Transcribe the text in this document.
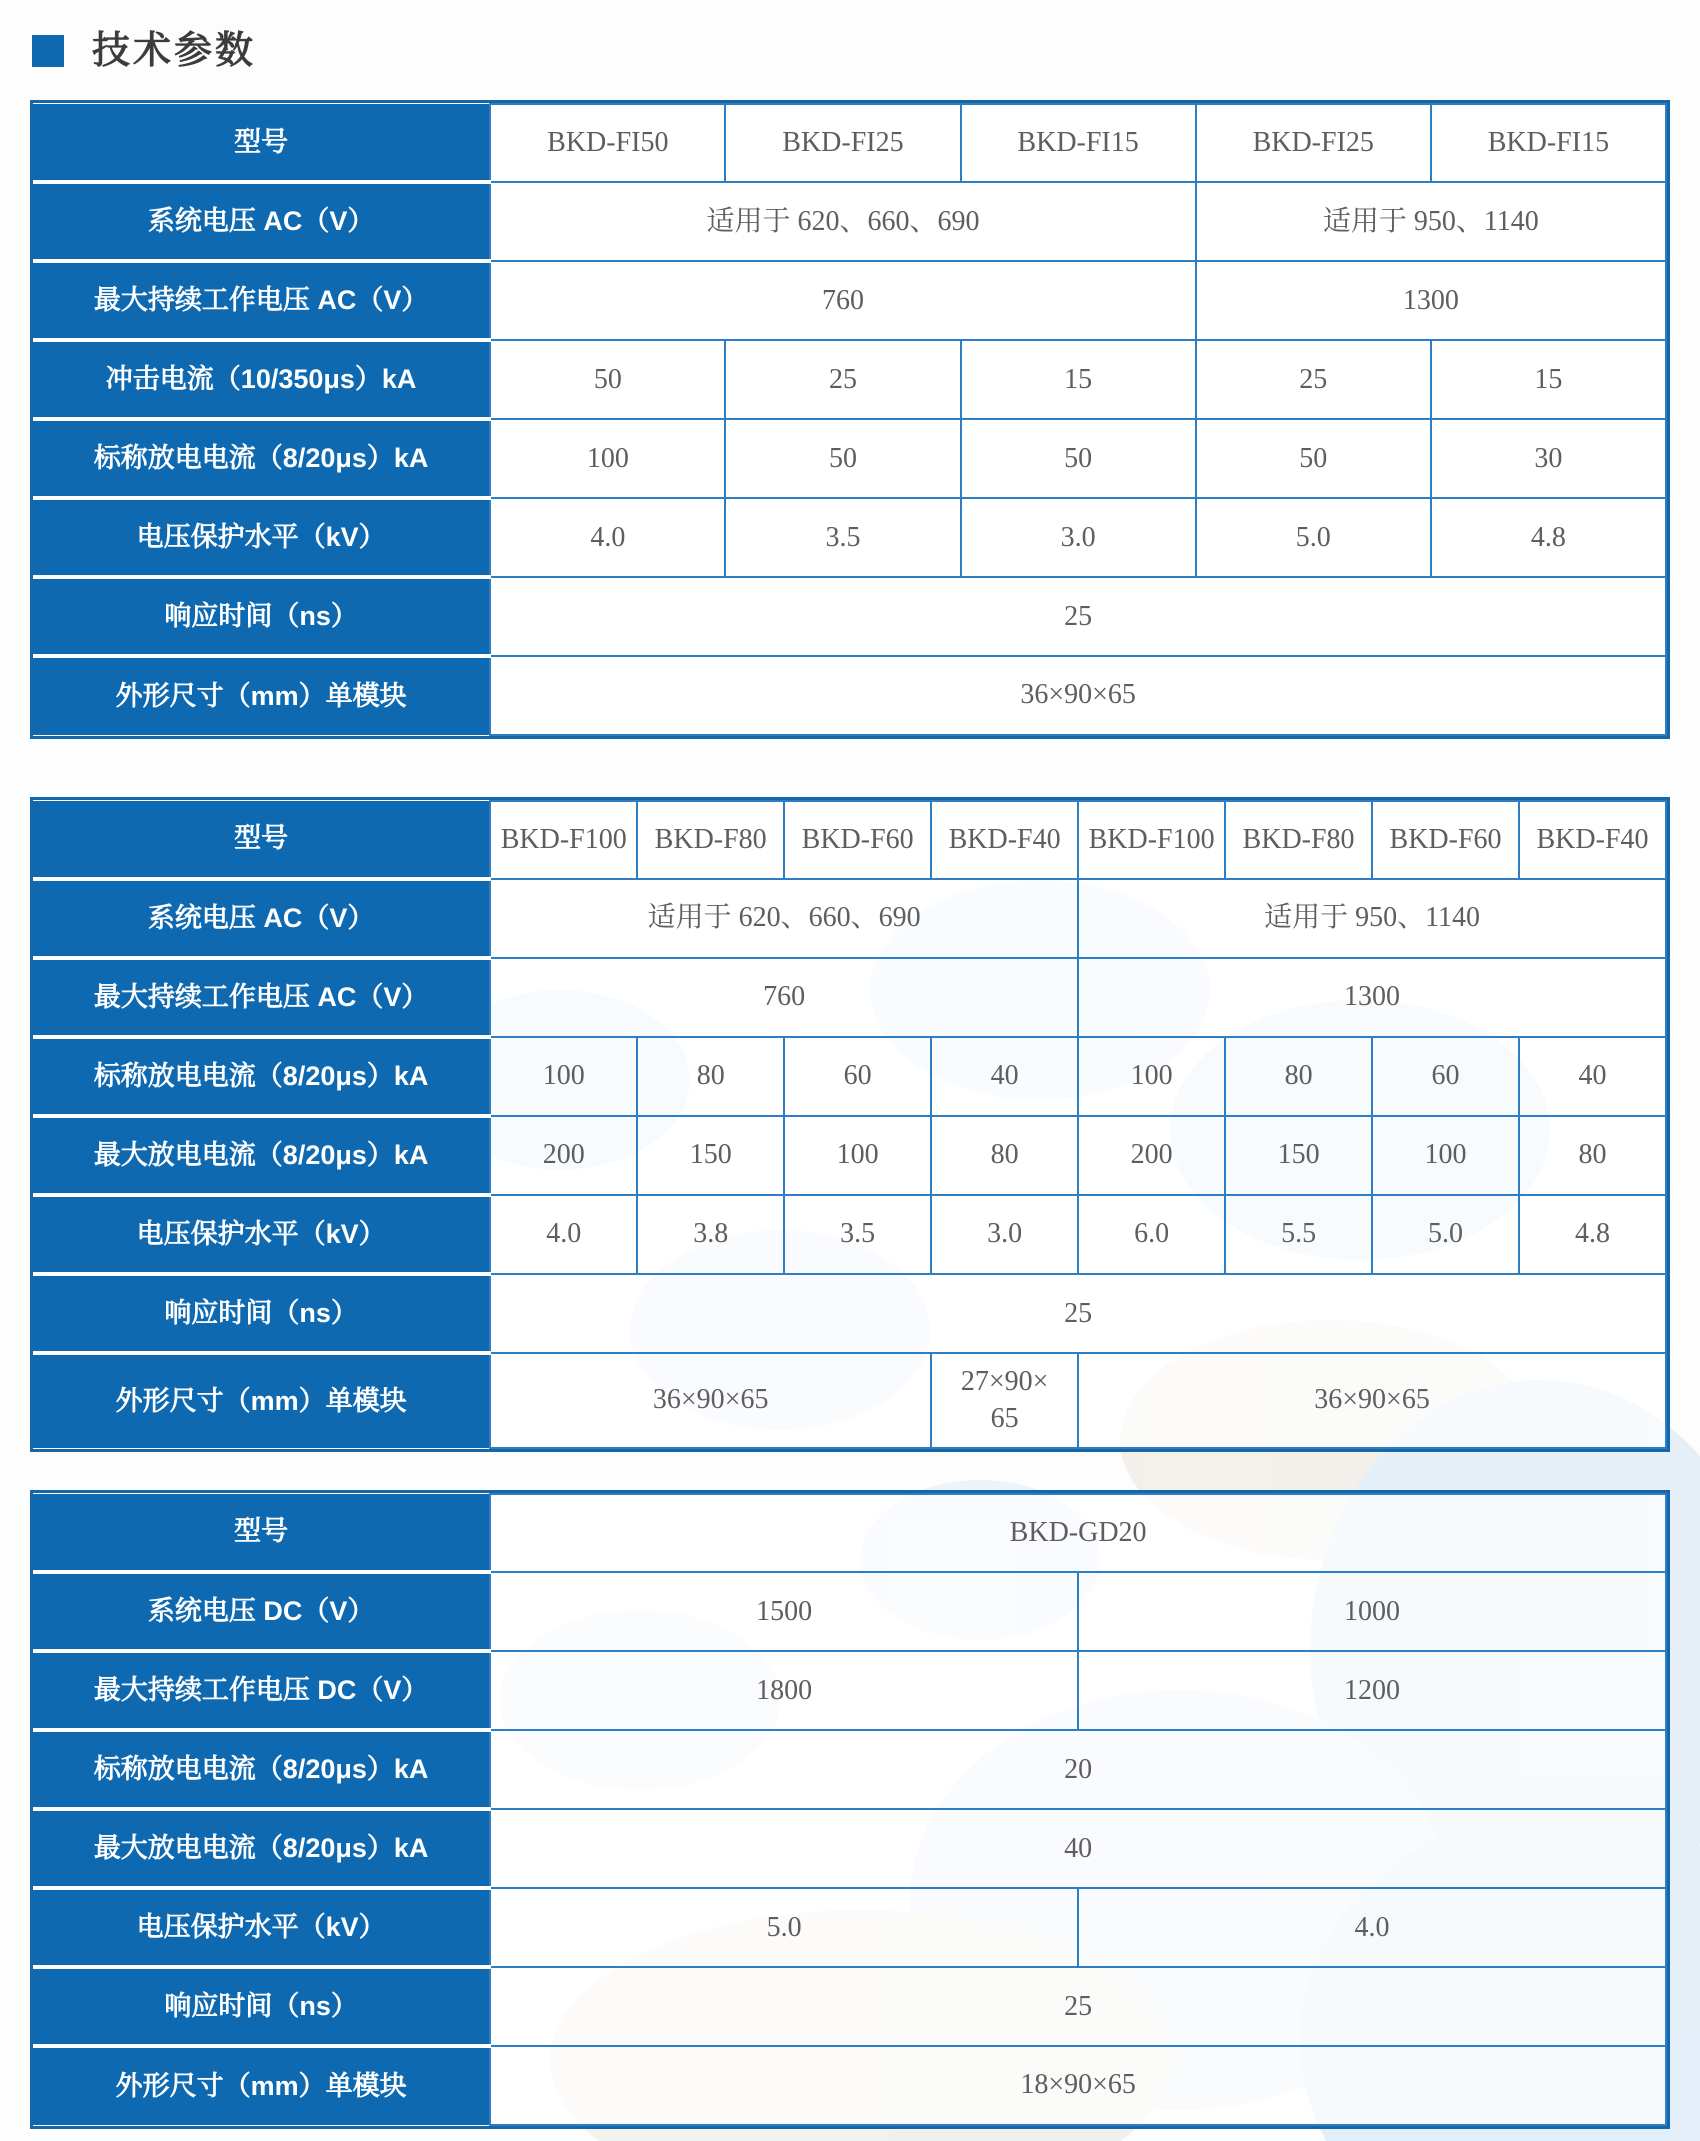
技术参数
型号	BKD-FI50	BKD-FI25	BKD-FI15	BKD-FI25	BKD-FI15
系统电压 AC（V）	适用于 620、660、690			适用于 950、1140	
最大持续工作电压 AC（V）	760			1300	
冲击电流（10/350μs）kA	50	25	15	25	15
标称放电电流（8/20μs）kA	100	50	50	50	30
电压保护水平（kV）	4.0	3.5	3.0	5.0	4.8
响应时间（ns）	25				
外形尺寸（mm）单模块	36×90×65				
型号	BKD-F100	BKD-F80	BKD-F60	BKD-F40	BKD-F100	BKD-F80	BKD-F60	BKD-F40
系统电压 AC（V）	适用于 620、660、690				适用于 950、1140			
最大持续工作电压 AC（V）	760				1300			
标称放电电流（8/20μs）kA	100	80	60	40	100	80	60	40
最大放电电流（8/20μs）kA	200	150	100	80	200	150	100	80
电压保护水平（kV）	4.0	3.8	3.5	3.0	6.0	5.5	5.0	4.8
响应时间（ns）	25							
外形尺寸（mm）单模块	36×90×65			27×90×65	36×90×65			
型号	BKD-GD20	
系统电压 DC（V）	1500	1000
最大持续工作电压 DC（V）	1800	1200
标称放电电流（8/20μs）kA	20	
最大放电电流（8/20μs）kA	40	
电压保护水平（kV）	5.0	4.0
响应时间（ns）	25	
外形尺寸（mm）单模块	18×90×65	
